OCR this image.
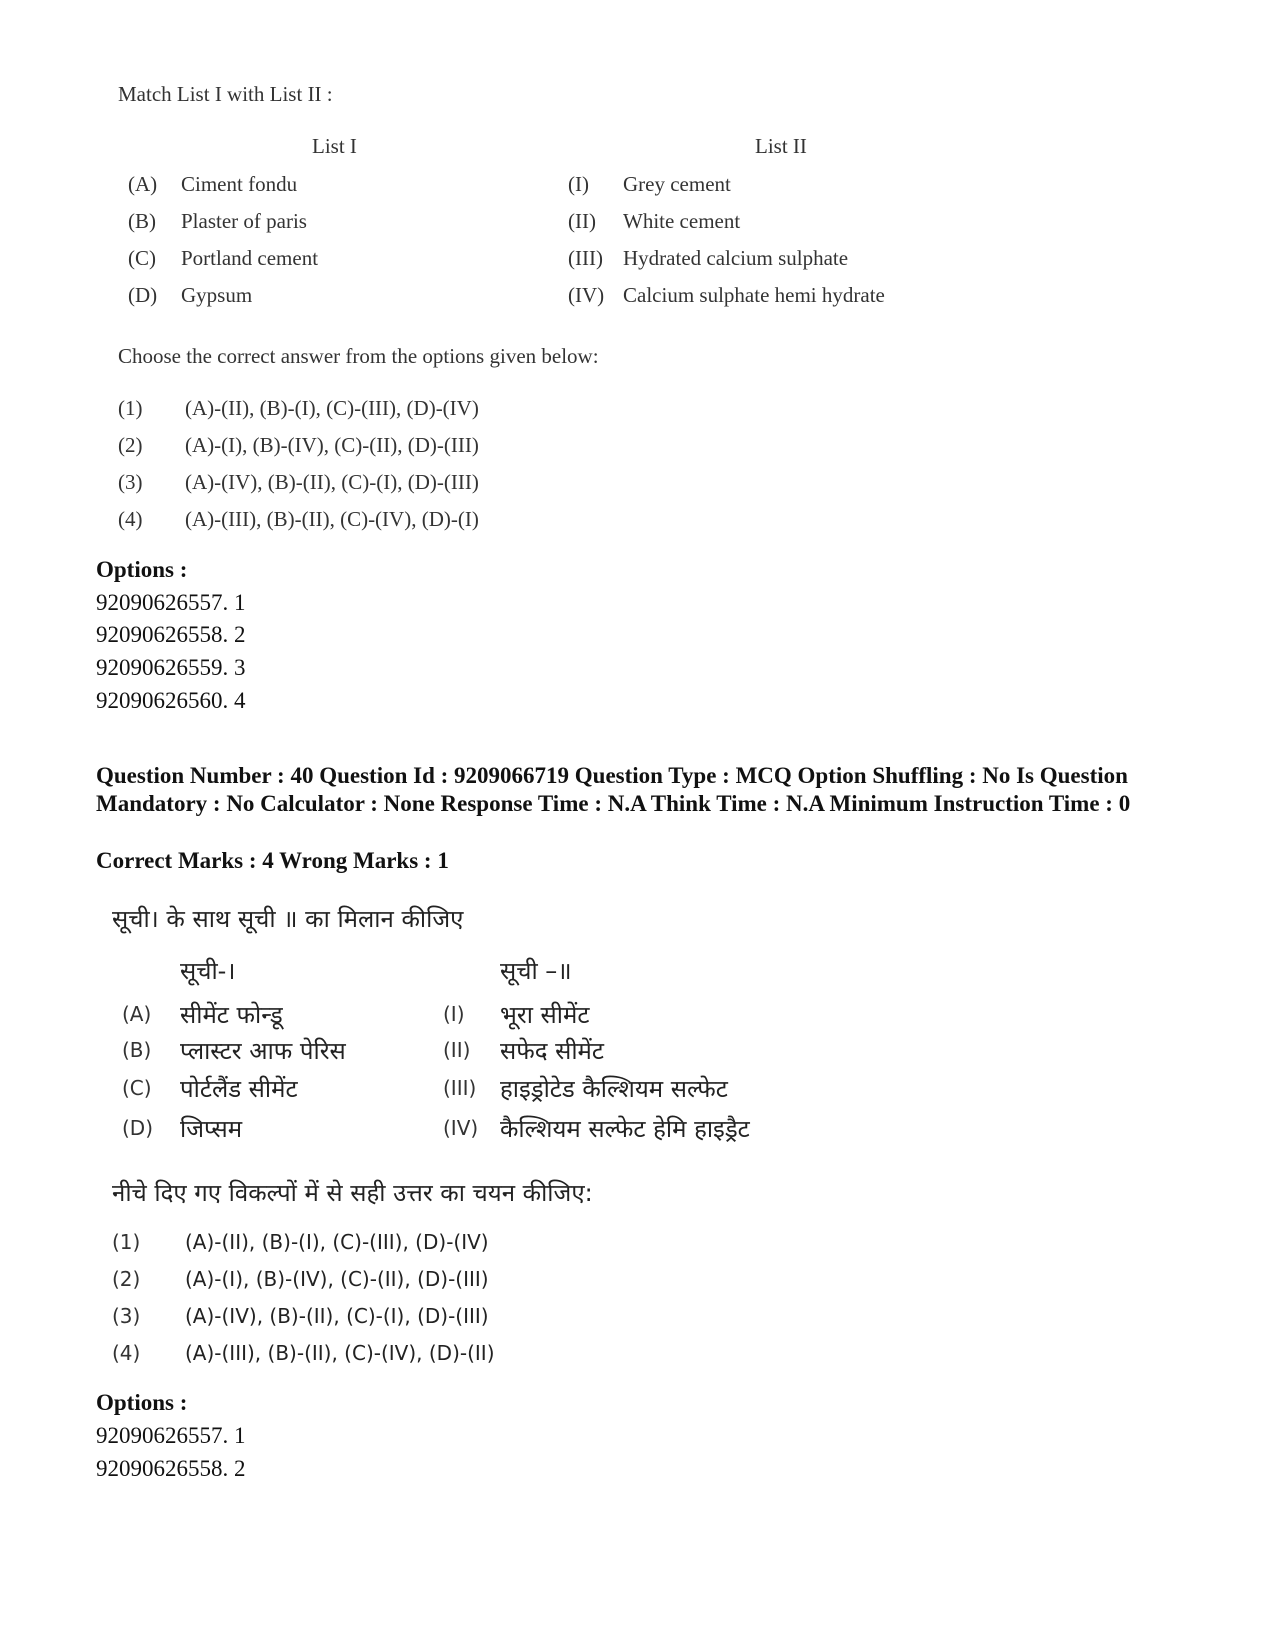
Match List I with List II :
List I	List II
(A) Ciment fondu
(B) Plaster of paris
(C) Portland cement
(D) Gypsum
(I) Grey cement
(II) White cement
(III) Hydrated calcium sulphate
(IV) Calcium sulphate hemi hydrate
Choose the correct answer from the options given below:
(1) (A)-(II), (B)-(I), (C)-(III), (D)-(IV)
(2) (A)-(I), (B)-(IV), (C)-(II), (D)-(III)
(3) (A)-(IV), (B)-(II), (C)-(I), (D)-(III)
(4) (A)-(III), (B)-(II), (C)-(IV), (D)-(I)
Options :
92090626557. 1
92090626558. 2
92090626559. 3
92090626560. 4
Question Number : 40 Question Id : 9209066719 Question Type : MCQ Option Shuffling : No Is Question Mandatory : No Calculator : None Response Time : N.A Think Time : N.A Minimum Instruction Time : 0
Correct Marks : 4 Wrong Marks : 1
सूची। के साथ सूची ॥ का मिलान कीजिए
सूची-।	सूची –॥
(A) सीमेंट फोन्डू
(B) प्लास्टर आफ पेरिस
(C) पोर्टलैंड सीमेंट
(D) जिप्सम
(I) भूरा सीमेंट
(II) सफेद सीमेंट
(III) हाइड्रोटेड कैल्शियम सल्फेट
(IV) कैल्शियम सल्फेट हेमि हाइड्रैट
नीचे दिए गए विकल्पों में से सही उत्तर का चयन कीजिए:
(1) (A)-(II), (B)-(I), (C)-(III), (D)-(IV)
(2) (A)-(I), (B)-(IV), (C)-(II), (D)-(III)
(3) (A)-(IV), (B)-(II), (C)-(I), (D)-(III)
(4) (A)-(III), (B)-(II), (C)-(IV), (D)-(II)
Options :
92090626557. 1
92090626558. 2
